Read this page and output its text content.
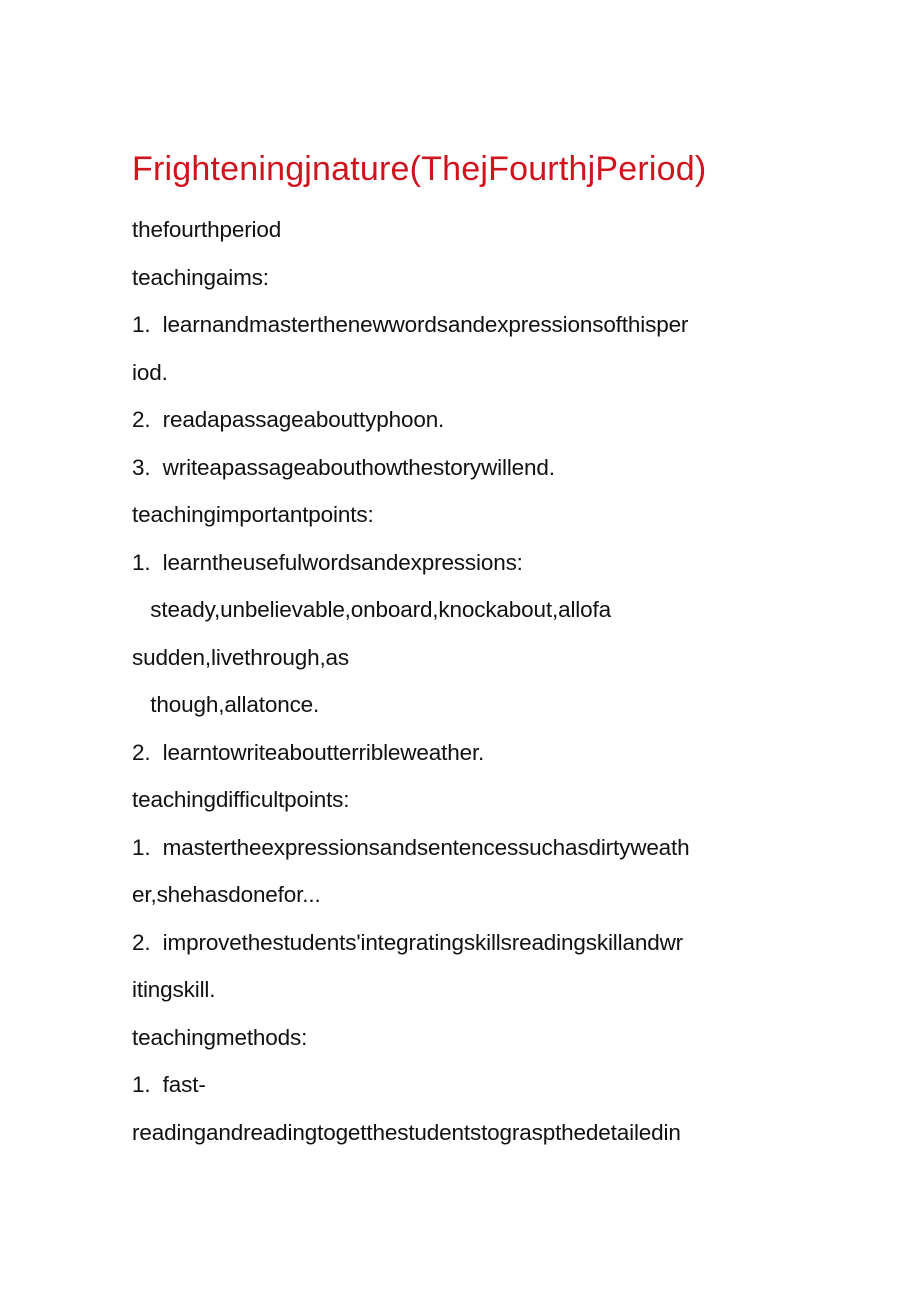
Frighteningjnature(ThejFourthjPeriod)
thefourthperiod
teachingaims:
1.  learnandmasterthenewwordsandexpressionsofthisper
iod.
2.  readapassageabouttyphoon.
3.  writeapassageabouthowthestorywillend.
teachingimportantpoints:
1.  learntheusefulwordsandexpressions:
steady,unbelievable,onboard,knockabout,allofa
sudden,livethrough,as
though,allatonce.
2.  learntowriteaboutterribleweather.
teachingdifficultpoints:
1.  mastertheexpressionsandsentencessuchasdirtyweath
er,shehasdonefor...
2.  improvethestudents'integratingskillsreadingskillandwr
itingskill.
teachingmethods:
1.  fast-
readingandreadingtogetthestudentstograspthedetailedin
